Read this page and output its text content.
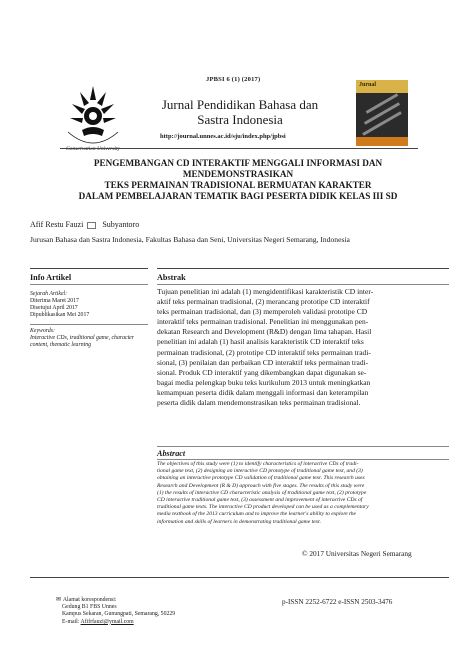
JPBSI 6 (1) (2017)
Conservation University
Jurnal Pendidikan Bahasa dan Sastra Indonesia
http://journal.unnes.ac.id/sju/index.php/jpbsi
Jurnal
PENGEMBANGAN CD INTERAKTIF MENGGALI INFORMASI DAN
MENDEMONSTRASIKAN
TEKS PERMAINAN TRADISIONAL BERMUATAN KARAKTER
DALAM PEMBELAJARAN TEMATIK BAGI PESERTA DIDIK KELAS III SD
Afif Restu Fauzi Subyantoro
Jurusan Bahasa dan Sastra Indonesia, Fakultas Bahasa dan Seni, Universitas Negeri Semarang, Indonesia
Info Artikel
Sejarah Artikel:
Diterima Maret 2017
Disetujui April 2017
Dipublikasikan Mei 2017
Keywords:
Interactive CDs, traditional game, character content, thematic learning
Abstrak
Tujuan penelitian ini adalah (1) mengidentifikasi karakteristik CD inter-
aktif teks permainan tradisional, (2) merancang prototipe CD interaktif
teks permainan tradisional, dan (3) memperoleh validasi prototipe CD
interaktif teks permainan tradisional. Penelitian ini menggunakan pen-
dekatan Research and Development (R&D) dengan lima tahapan. Hasil
penelitian ini adalah (1) hasil analisis karakteristik CD interaktif teks
permainan tradisional, (2) prototipe CD interaktif teks permainan tradi-
sional, (3) penilaian dan perbaikan CD interaktif teks permainan tradi-
sional. Produk CD interaktif yang dikembangkan dapat digunakan se-
bagai media pelengkap buku teks kurikulum 2013 untuk meningkatkan
kemampuan peserta didik dalam menggali informasi dan keterampilan
peserta didik dalam mendemonstrasikan teks permainan tradisional.
Abstract
The objectives of this study were (1) to identify characteristics of interactive CDs of tradi-
tional game text, (2) designing an interactive CD prototype of traditional game text, and (3)
obtaining an interactive prototype CD validation of traditional game text. This research uses
Research and Development (R & D) approach with five stages. The results of this study were
(1) the results of interactive CD characteristic analysis of traditional game text, (2) prototype
CD interactive traditional game text, (3) assessment and improvement of interactive CDs of
traditional game texts. The interactive CD product developed can be used as a complementary
media textbook of the 2013 curriculum and to improve the learner's ability to explore the
information and skills of learners in demonstrating traditional game text.
© 2017 Universitas Negeri Semarang
✉ Alamat korespondensi:
Gedung B1 FBS Unnes
Kampus Sekaran, Gunungpati, Semarang, 50229
E-mail: Afifrfauzi@ymail.com
p-ISSN 2252-6722 e-ISSN 2503-3476
